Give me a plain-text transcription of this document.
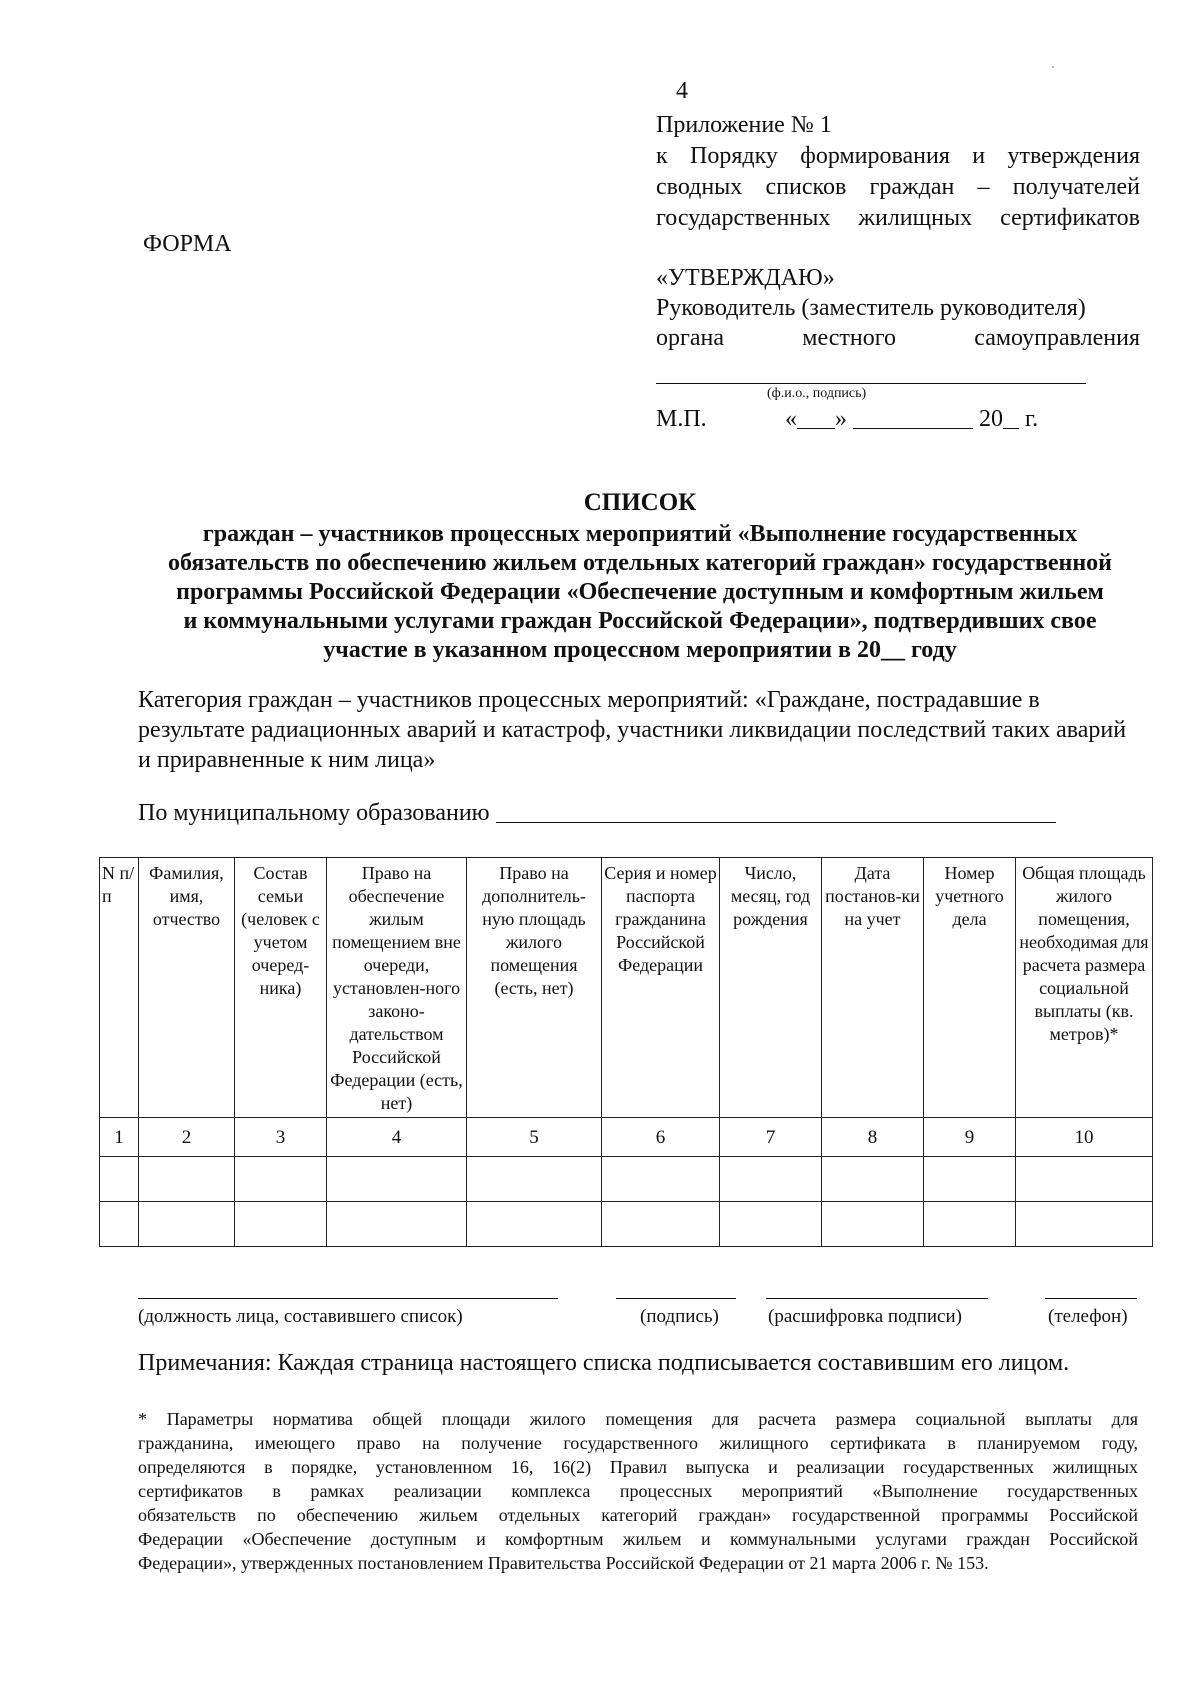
4
Приложение № 1
к Порядку формирования и утверждения
сводных списков граждан – получателей
государственных жилищных сертификатов
ФОРМА
«УТВЕРЖДАЮ»
Руководитель (заместитель руководителя)
органа местного самоуправления
(ф.и.о., подпись)
М.П.	« »	20 г.
СПИСОК
граждан – участников процессных мероприятий «Выполнение государственных
обязательств по обеспечению жильем отдельных категорий граждан» государственной
программы Российской Федерации «Обеспечение доступным и комфортным жильем
и коммунальными услугами граждан Российской Федерации», подтвердивших свое
участие в указанном процессном мероприятии в 20__ году
Категория граждан – участников процессных мероприятий: «Граждане, пострадавшие в результате радиационных аварий и катастроф, участники ликвидации последствий таких аварий и приравненные к ним лица»
По муниципальному образованию
N п/п	Фамилия, имя, отчество	Состав семьи (человек с учетом очеред-ника)	Право на обеспечение жилым помещением вне очереди, установлен-ного законо-дательством Российской Федерации (есть, нет)	Право на дополнитель-ную площадь жилого помещения (есть, нет)	Серия и номер паспорта гражданина Российской Федерации	Число, месяц, год рождения	Дата постанов-ки на учет	Номер учетного дела	Общая площадь жилого помещения, необходимая для расчета размера социальной выплаты (кв. метров)*
1	2	3	4	5	6	7	8	9	10

(должность лица, составившего список)	(подпись)	(расшифровка подписи)	(телефон)
Примечания: Каждая страница настоящего списка подписывается составившим его лицом.
* Параметры норматива общей площади жилого помещения для расчета размера социальной выплаты для
гражданина, имеющего право на получение государственного жилищного сертификата в планируемом году,
определяются в порядке, установленном 16, 16(2) Правил выпуска и реализации государственных жилищных
сертификатов в рамках реализации комплекса процессных мероприятий «Выполнение государственных
обязательств по обеспечению жильем отдельных категорий граждан» государственной программы Российской
Федерации «Обеспечение доступным и комфортным жильем и коммунальными услугами граждан Российской
Федерации», утвержденных постановлением Правительства Российской Федерации от 21 марта 2006 г. № 153.
